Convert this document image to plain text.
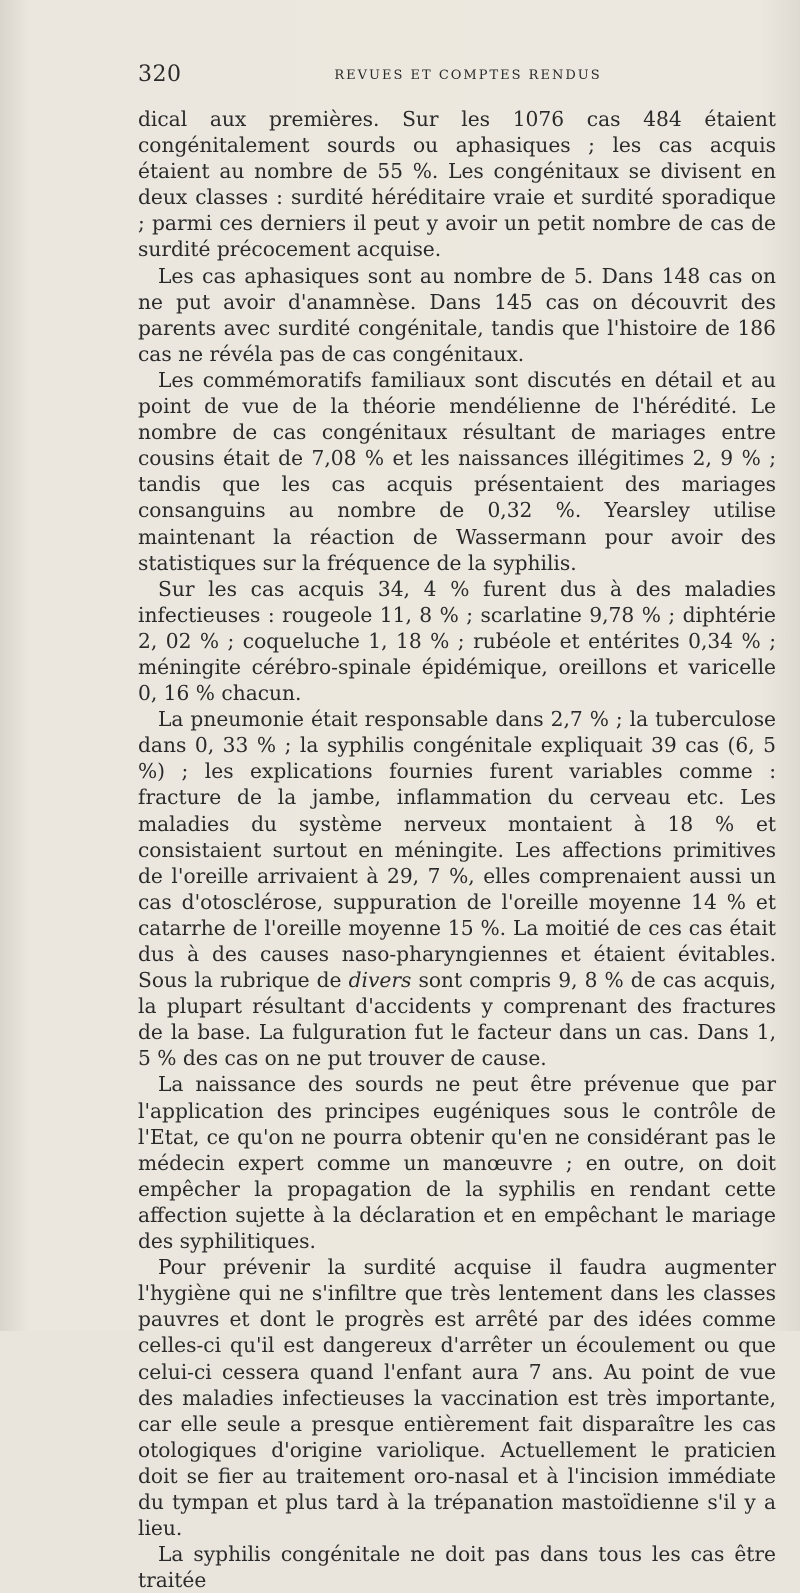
320	REVUES ET COMPTES RENDUS

dical aux premières. Sur les 1076 cas 484 étaient congénitalement sourds ou aphasiques ; les cas acquis étaient au nombre de 55 %. Les congénitaux se divisent en deux classes : surdité héréditaire vraie et surdité sporadique ; parmi ces derniers il peut y avoir un petit nombre de cas de surdité précocement acquise.

Les cas aphasiques sont au nombre de 5. Dans 148 cas on ne put avoir d'anamnèse. Dans 145 cas on découvrit des parents avec surdité congénitale, tandis que l'histoire de 186 cas ne révéla pas de cas congénitaux.

Les commémoratifs familiaux sont discutés en détail et au point de vue de la théorie mendélienne de l'hérédité. Le nombre de cas congénitaux résultant de mariages entre cousins était de 7,08 % et les naissances illégitimes 2, 9 % ; tandis que les cas acquis présentaient des mariages consanguins au nombre de 0,32 %. Yearsley utilise maintenant la réaction de Wassermann pour avoir des statistiques sur la fréquence de la syphilis.

Sur les cas acquis 34, 4 % furent dus à des maladies infectieuses : rougeole 11, 8 % ; scarlatine 9,78 % ; diphtérie 2, 02 % ; coqueluche 1, 18 % ; rubéole et entérites 0,34 % ; méningite cérébro-spinale épidémique, oreillons et varicelle 0, 16 % chacun.

La pneumonie était responsable dans 2,7 % ; la tuberculose dans 0, 33 % ; la syphilis congénitale expliquait 39 cas (6, 5 %) ; les explications fournies furent variables comme : fracture de la jambe, inflammation du cerveau etc. Les maladies du système nerveux montaient à 18 % et consistaient surtout en méningite. Les affections primitives de l'oreille arrivaient à 29, 7 %, elles comprenaient aussi un cas d'otosclérose, suppuration de l'oreille moyenne 14 % et catarrhe de l'oreille moyenne 15 %. La moitié de ces cas était dus à des causes naso-pharyngiennes et étaient évitables. Sous la rubrique de divers sont compris 9, 8 % de cas acquis, la plupart résultant d'accidents y comprenant des fractures de la base. La fulguration fut le facteur dans un cas. Dans 1, 5 % des cas on ne put trouver de cause.

La naissance des sourds ne peut être prévenue que par l'application des principes eugéniques sous le contrôle de l'Etat, ce qu'on ne pourra obtenir qu'en ne considérant pas le médecin expert comme un manœuvre ; en outre, on doit empêcher la propagation de la syphilis en rendant cette affection sujette à la déclaration et en empêchant le mariage des syphilitiques.

Pour prévenir la surdité acquise il faudra augmenter l'hygiène qui ne s'infiltre que très lentement dans les classes pauvres et dont le progrès est arrêté par des idées comme celles-ci qu'il est dangereux d'arrêter un écoulement ou que celui-ci cessera quand l'enfant aura 7 ans. Au point de vue des maladies infectieuses la vaccination est très importante, car elle seule a presque entièrement fait disparaître les cas otologiques d'origine variolique. Actuellement le praticien doit se fier au traitement oro-nasal et à l'incision immédiate du tympan et plus tard à la trépanation mastoïdienne s'il y a lieu.

La syphilis congénitale ne doit pas dans tous les cas être traitée
